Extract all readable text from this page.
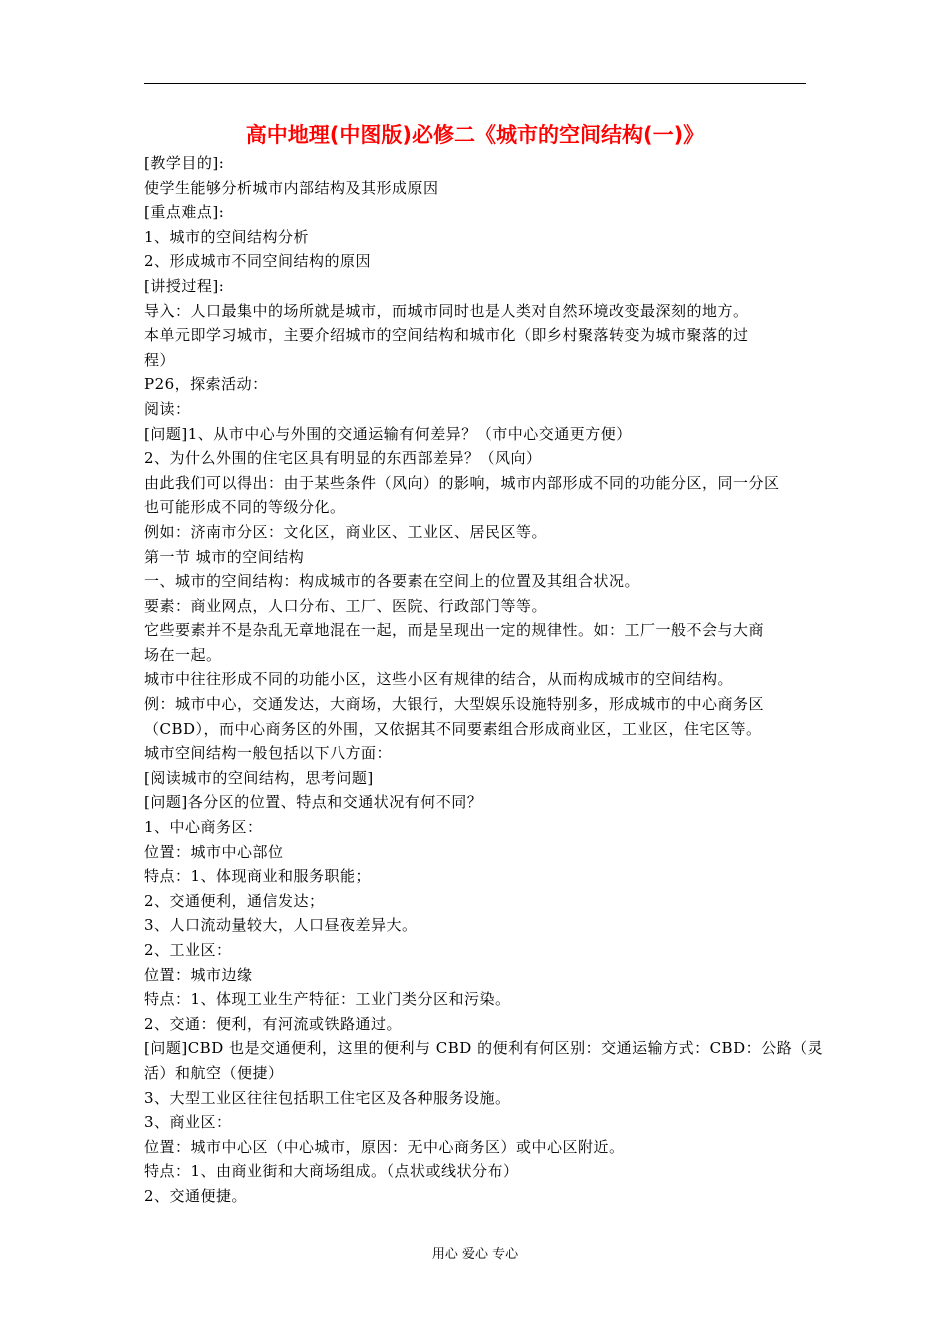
高中地理(中图版)必修二《城市的空间结构(一)》
[教学目的]:
使学生能够分析城市内部结构及其形成原因
[重点难点]:
1、城市的空间结构分析
2、形成城市不同空间结构的原因
[讲授过程]:
导入：人口最集中的场所就是城市，而城市同时也是人类对自然环境改变最深刻的地方。
本单元即学习城市，主要介绍城市的空间结构和城市化（即乡村聚落转变为城市聚落的过
程）
P26，探索活动：
阅读：
[问题]1、从市中心与外围的交通运输有何差异？（市中心交通更方便）
2、为什么外围的住宅区具有明显的东西部差异？（风向）
由此我们可以得出：由于某些条件（风向）的影响，城市内部形成不同的功能分区，同一分区
也可能形成不同的等级分化。
例如：济南市分区：文化区，商业区、工业区、居民区等。
第一节 城市的空间结构
一、城市的空间结构：构成城市的各要素在空间上的位置及其组合状况。
要素：商业网点，人口分布、工厂、医院、行政部门等等。
它些要素并不是杂乱无章地混在一起，而是呈现出一定的规律性。如：工厂一般不会与大商
场在一起。
城市中往往形成不同的功能小区，这些小区有规律的结合，从而构成城市的空间结构。
例：城市中心，交通发达，大商场，大银行，大型娱乐设施特别多，形成城市的中心商务区
（CBD），而中心商务区的外围，又依据其不同要素组合形成商业区，工业区，住宅区等。
城市空间结构一般包括以下八方面：
[阅读城市的空间结构，思考问题]
[问题]各分区的位置、特点和交通状况有何不同？
1、中心商务区：
位置：城市中心部位
特点：1、体现商业和服务职能；
2、交通便利，通信发达；
3、人口流动量较大，人口昼夜差异大。
2、工业区：
位置：城市边缘
特点：1、体现工业生产特征：工业门类分区和污染。
2、交通：便利，有河流或铁路通过。
[问题]CBD 也是交通便利，这里的便利与 CBD 的便利有何区别：交通运输方式：CBD：公路（灵
活）和航空（便捷）
3、大型工业区往往包括职工住宅区及各种服务设施。
3、商业区：
位置：城市中心区（中心城市，原因：无中心商务区）或中心区附近。
特点：1、由商业街和大商场组成。（点状或线状分布）
2、交通便捷。
用心 爱心 专心
